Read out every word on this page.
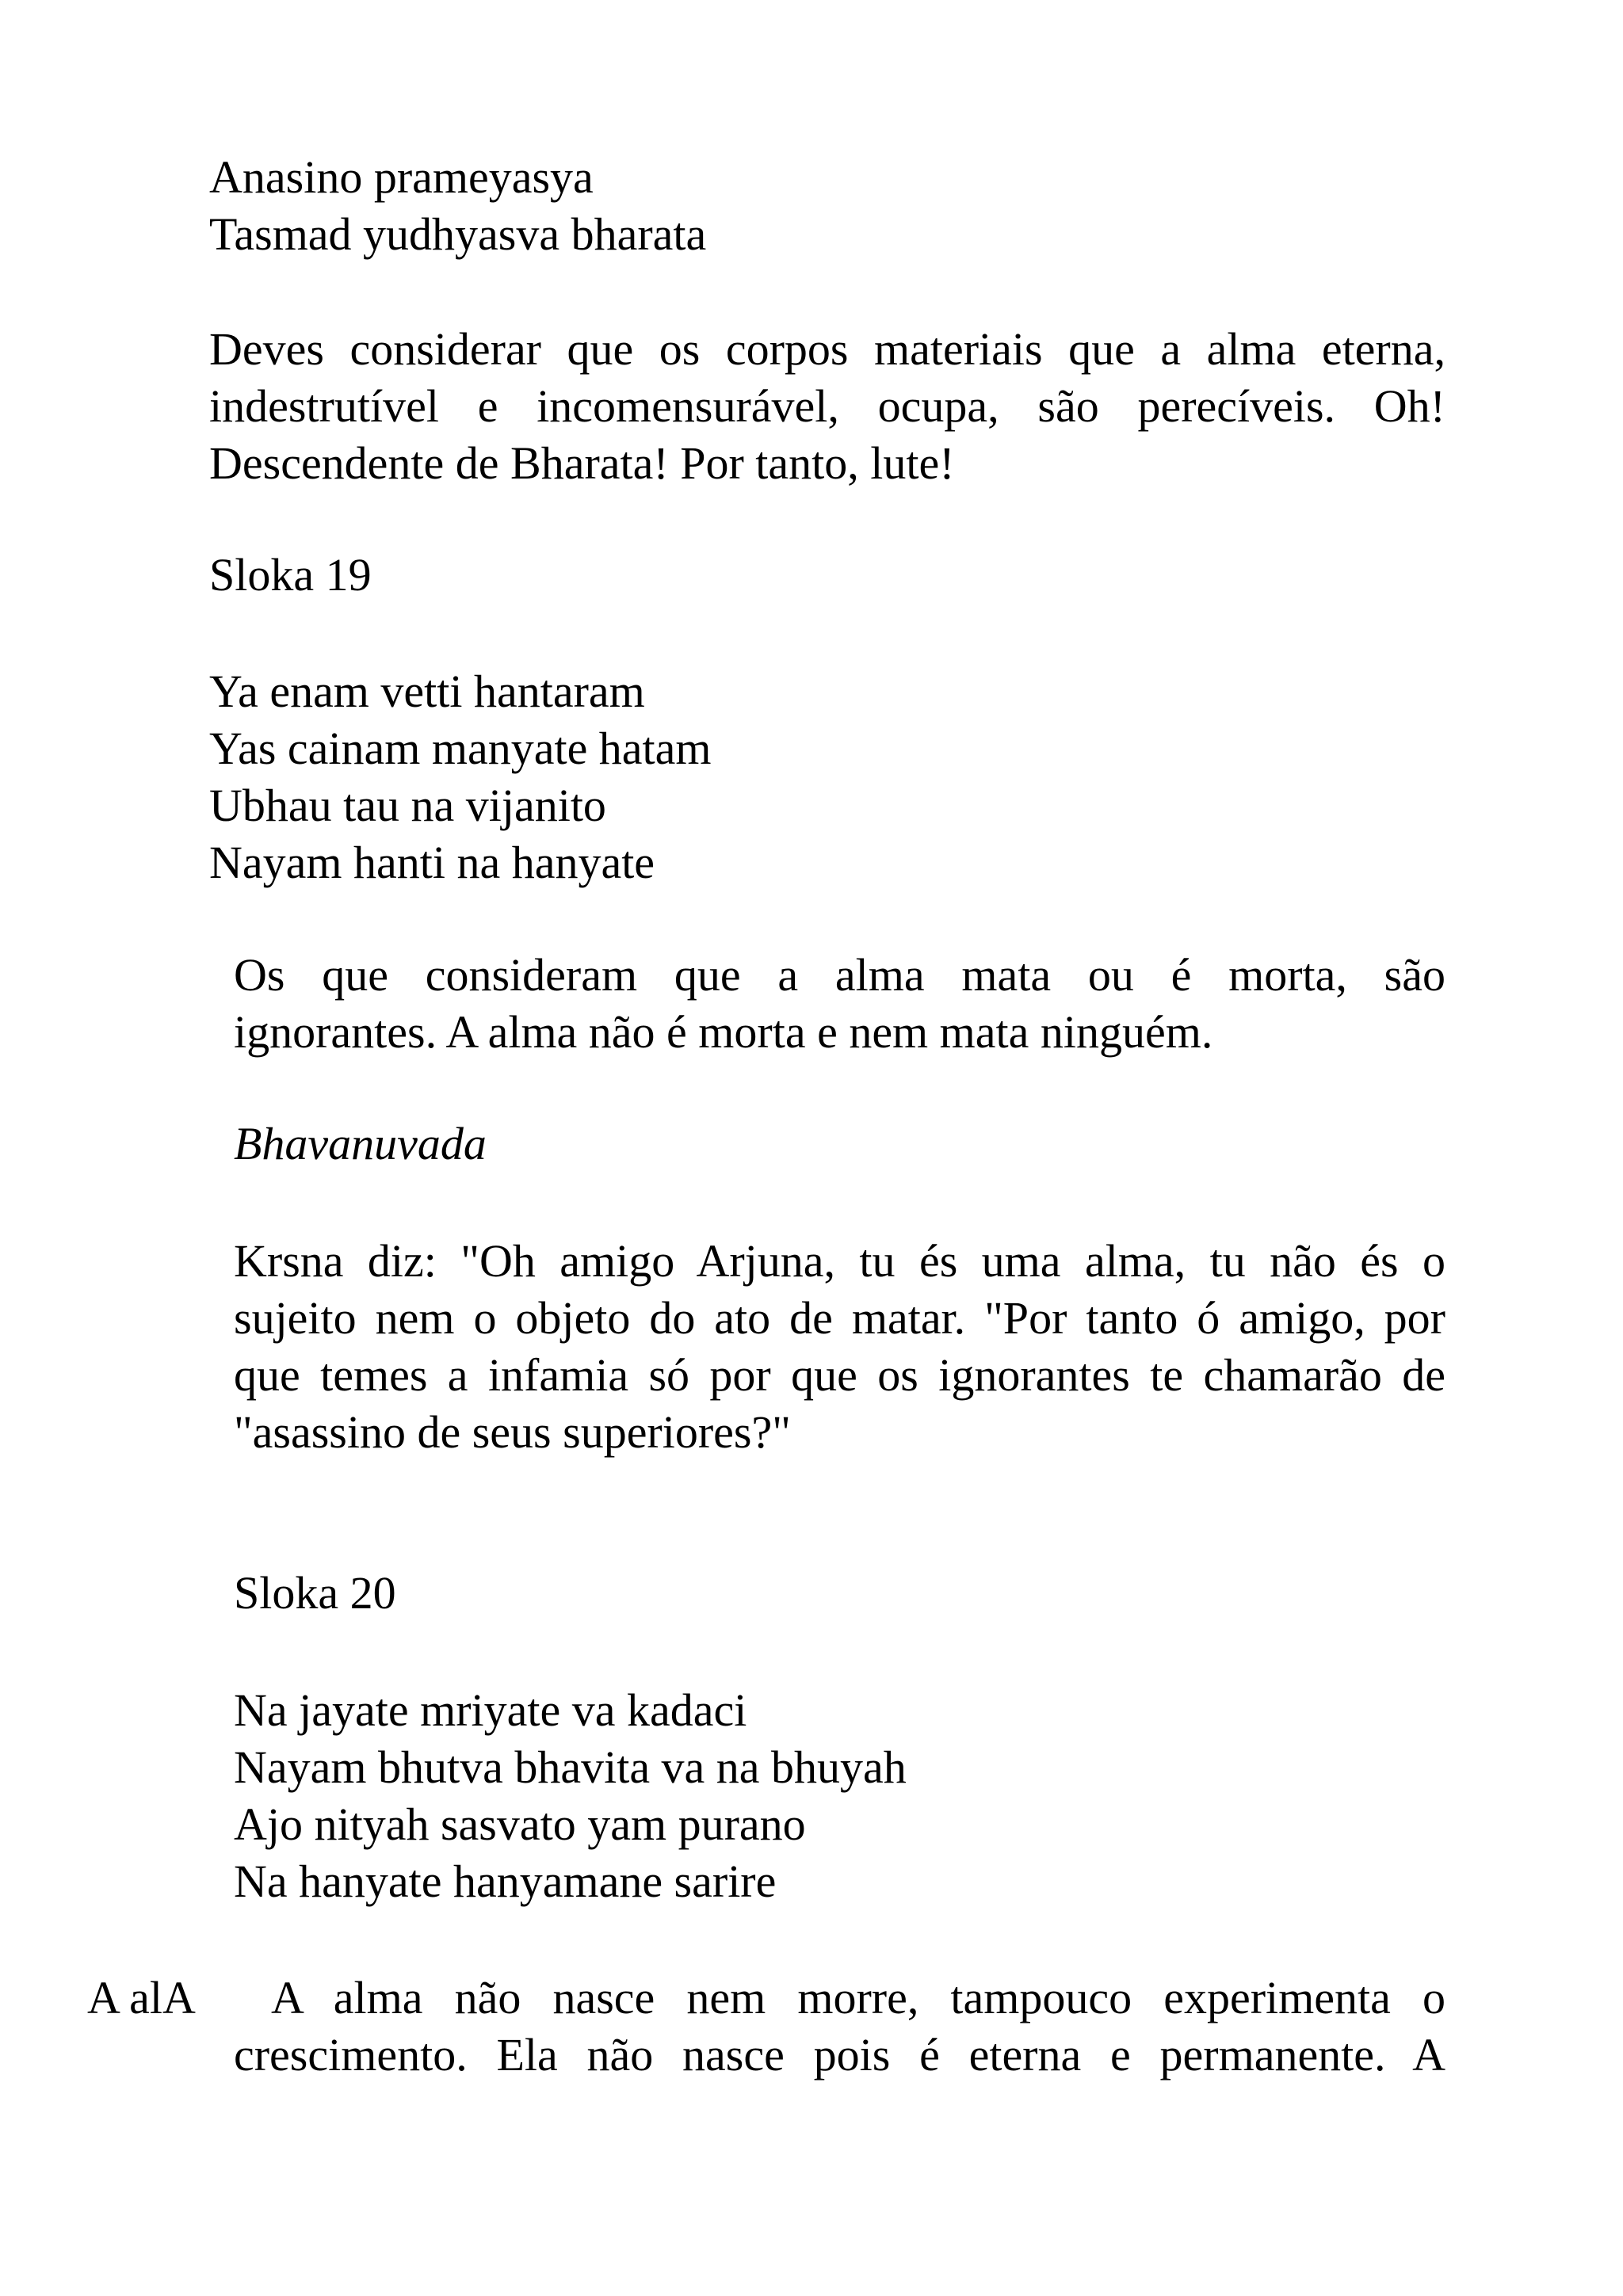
Anasino prameyasya
Tasmad yudhyasva bharata
Deves considerar que os corpos materiais que a alma eterna,
indestrutível e incomensurável, ocupa, são perecíveis. Oh!
Descendente de Bharata! Por tanto, lute!
Sloka 19
Ya enam vetti hantaram
Yas cainam manyate hatam
Ubhau tau na vijanito
Nayam hanti na hanyate
Os que consideram que a alma mata ou é morta, são
ignorantes. A alma não é morta e nem mata ninguém.
Bhavanuvada
Krsna diz: "Oh amigo Arjuna, tu és uma alma, tu não és o
sujeito nem o objeto do ato de matar. "Por tanto ó amigo, por
que temes a infamia só por que os ignorantes te chamarão de
"asassino de seus superiores?"
Sloka 20
Na jayate mriyate va kadaci
Nayam bhutva bhavita va na bhuyah
Ajo nityah sasvato yam purano
Na hanyate hanyamane sarire
A alA	A alma não nasce nem morre, tampouco experimenta o
crescimento. Ela não nasce pois é eterna e permanente. A
